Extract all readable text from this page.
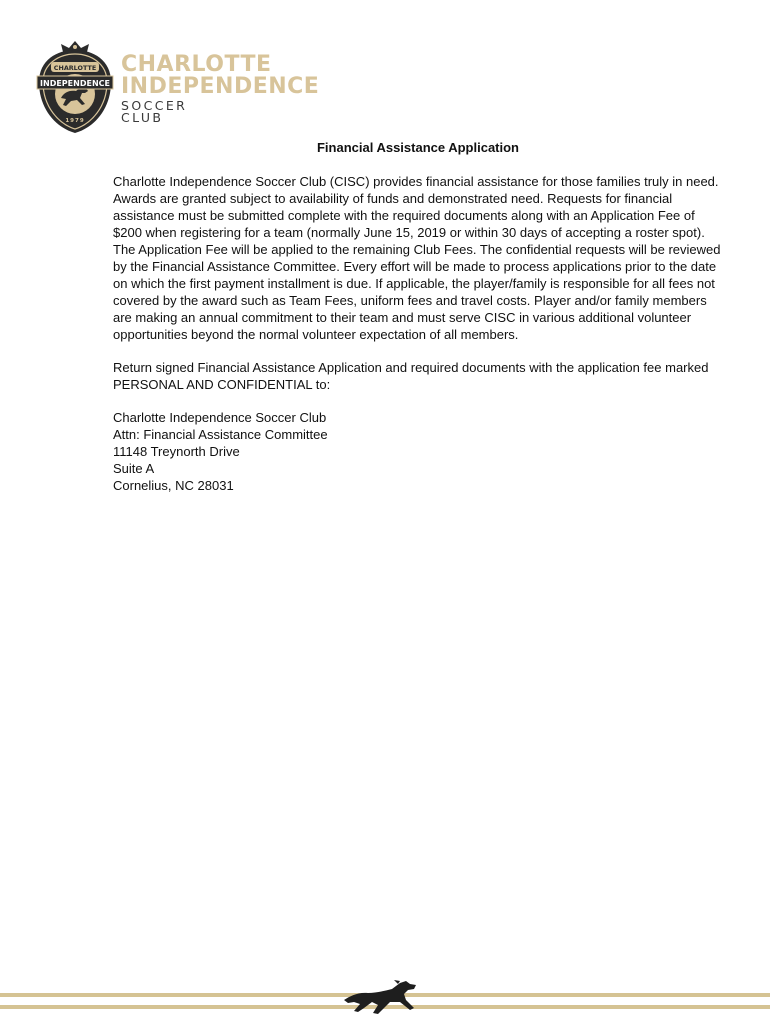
CHARLOTTE
INDEPENDENCE
1979
CHARLOTTE
INDEPENDENCE
SOCCER
CLUB
Financial Assistance Application

Charlotte Independence Soccer Club (CISC) provides financial assistance for those families truly in need. Awards are granted subject to availability of funds and demonstrated need. Requests for financial assistance must be submitted complete with the required documents along with an Application Fee of $200 when registering for a team (normally June 15, 2019 or within 30 days of accepting a roster spot). The Application Fee will be applied to the remaining Club Fees. The confidential requests will be reviewed by the Financial Assistance Committee. Every effort will be made to process applications prior to the date on which the first payment installment is due. If applicable, the player/family is responsible for all fees not covered by the award such as Team Fees, uniform fees and travel costs. Player and/or family members are making an annual commitment to their team and must serve CISC in various additional volunteer opportunities beyond the normal volunteer expectation of all members.

Return signed Financial Assistance Application and required documents with the application fee marked PERSONAL AND CONFIDENTIAL to:

Charlotte Independence Soccer Club
Attn: Financial Assistance Committee
11148 Treynorth Drive
Suite A
Cornelius, NC 28031
